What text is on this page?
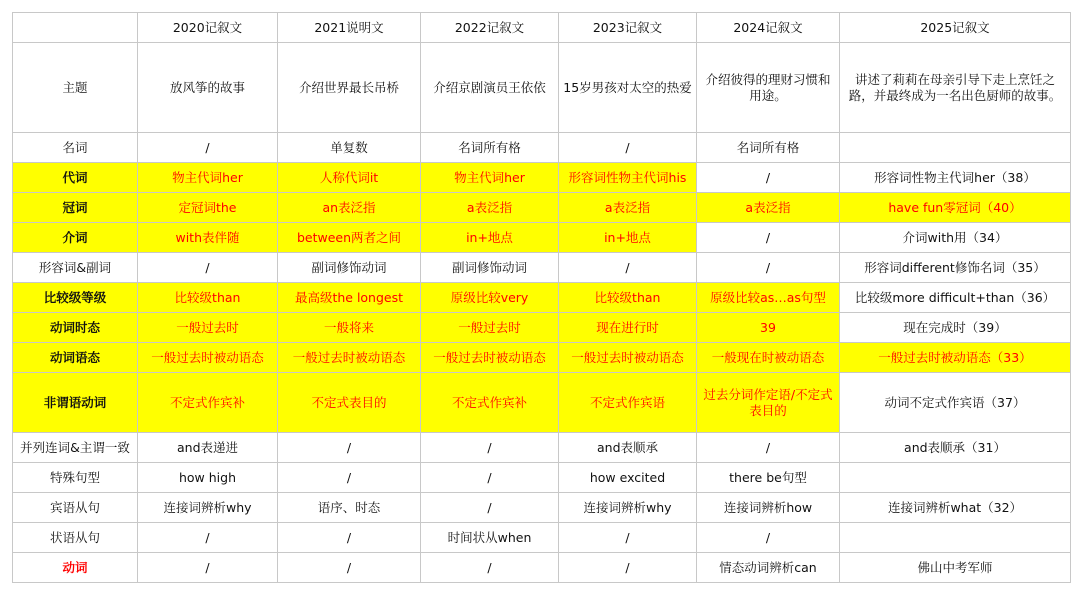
	2020记叙文	2021说明文	2022记叙文	2023记叙文	2024记叙文	2025记叙文
主题	放风筝的故事	介绍世界最长吊桥	介绍京剧演员王依依	15岁男孩对太空的热爱	介绍彼得的理财习惯和用途。	讲述了莉莉在母亲引导下走上烹饪之路，并最终成为一名出色厨师的故事。
名词	/	单复数	名词所有格	/	名词所有格	
代词	物主代词her	人称代词it	物主代词her	形容词性物主代词his	/	形容词性物主代词her（38）
冠词	定冠词the	an表泛指	a表泛指	a表泛指	a表泛指	have fun零冠词（40）
介词	with表伴随	between两者之间	in+地点	in+地点	/	介词with用（34）
形容词&副词	/	副词修饰动词	副词修饰动词	/	/	形容词different修饰名词（35）
比较级等级	比较级than	最高级the longest	原级比较very	比较级than	原级比较as…as句型	比较级more difficult+than（36）
动词时态	一般过去时	一般将来	一般过去时	现在进行时	39	现在完成时（39）
动词语态	一般过去时被动语态	一般过去时被动语态	一般过去时被动语态	一般过去时被动语态	一般现在时被动语态	一般过去时被动语态（33）
非谓语动词	不定式作宾补	不定式表目的	不定式作宾补	不定式作宾语	过去分词作定语/不定式表目的	动词不定式作宾语（37）
并列连词&主谓一致	and表递进	/	/	and表顺承	/	and表顺承（31）
特殊句型	how high	/	/	how excited	there be句型	
宾语从句	连接词辨析why	语序、时态	/	连接词辨析why	连接词辨析how	连接词辨析what（32）
状语从句	/	/	时间状从when	/	/	
动词	/	/	/	/	情态动词辨析can	佛山中考军师
